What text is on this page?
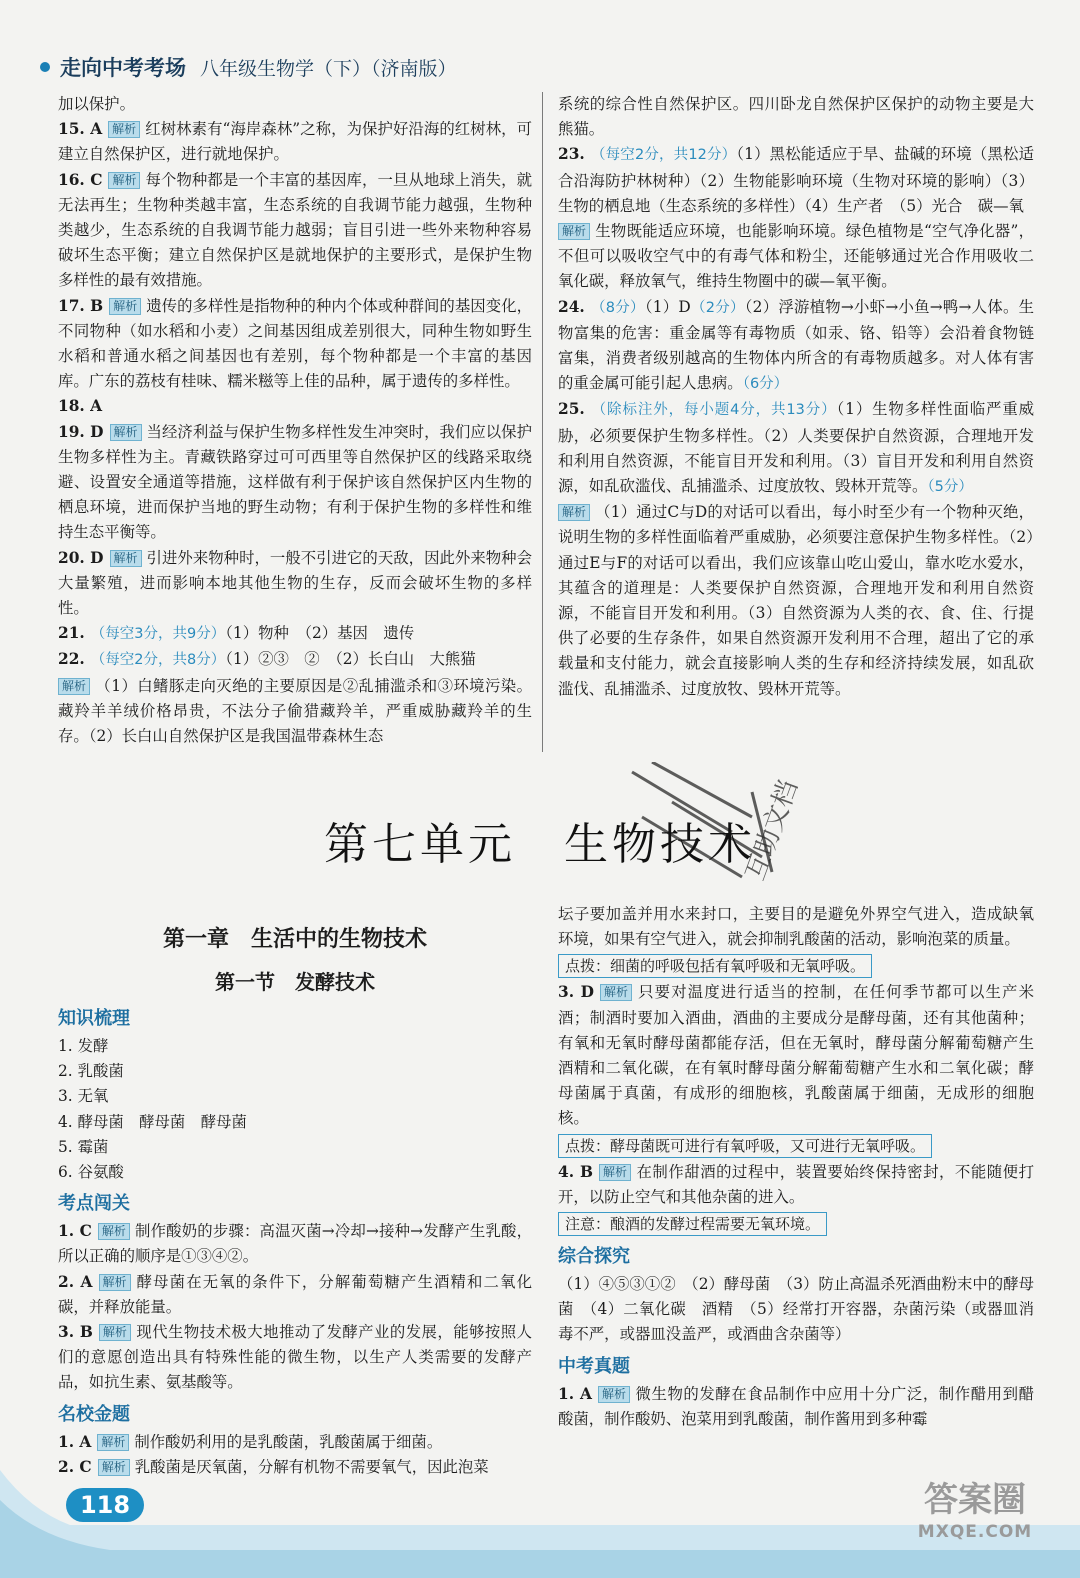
走向中考考场 八年级生物学（下）（济南版）

加以保护。

15. A 解析 红树林素有“海岸森林”之称，为保护好沿海的红树林，可建立自然保护区，进行就地保护。

16. C 解析 每个物种都是一个丰富的基因库，一旦从地球上消失，就无法再生；生物种类越丰富，生态系统的自我调节能力越强，生物种类越少，生态系统的自我调节能力越弱；盲目引进一些外来物种容易破坏生态平衡；建立自然保护区是就地保护的主要形式，是保护生物多样性的最有效措施。

17. B 解析 遗传的多样性是指物种的种内个体或种群间的基因变化，不同物种（如水稻和小麦）之间基因组成差别很大，同种生物如野生水稻和普通水稻之间基因也有差别，每个物种都是一个丰富的基因库。广东的荔枝有桂味、糯米糍等上佳的品种，属于遗传的多样性。

18. A

19. D 解析 当经济利益与保护生物多样性发生冲突时，我们应以保护生物多样性为主。青藏铁路穿过可可西里等自然保护区的线路采取绕避、设置安全通道等措施，这样做有利于保护该自然保护区内生物的栖息环境，进而保护当地的野生动物；有利于保护生物的多样性和维持生态平衡等。

20. D 解析 引进外来物种时，一般不引进它的天敌，因此外来物种会大量繁殖，进而影响本地其他生物的生存，反而会破坏生物的多样性。

21. （每空3分，共9分）（1）物种　（2）基因　遗传

22. （每空2分，共8分）（1）②③　②　（2）长白山　大熊猫

解析 （1）白鳍豚走向灭绝的主要原因是②乱捕滥杀和③环境污染。藏羚羊羊绒价格昂贵，不法分子偷猎藏羚羊，严重威胁藏羚羊的生存。（2）长白山自然保护区是我国温带森林生态

系统的综合性自然保护区。四川卧龙自然保护区保护的动物主要是大熊猫。

23. （每空2分，共12分）（1）黑松能适应于旱、盐碱的环境（黑松适合沿海防护林树种）（2）生物能影响环境（生物对环境的影响）（3）生物的栖息地（生态系统的多样性）（4）生产者　（5）光合　碳—氧

解析 生物既能适应环境，也能影响环境。绿色植物是“空气净化器”，不但可以吸收空气中的有毒气体和粉尘，还能够通过光合作用吸收二氧化碳，释放氧气，维持生物圈中的碳—氧平衡。

24. （8分）（1）D（2分）（2）浮游植物→小虾→小鱼→鸭→人体。生物富集的危害：重金属等有毒物质（如汞、铬、铅等）会沿着食物链富集，消费者级别越高的生物体内所含的有毒物质越多。对人体有害的重金属可能引起人患病。（6分）

25. （除标注外，每小题4分，共13分）（1）生物多样性面临严重威胁，必须要保护生物多样性。（2）人类要保护自然资源，合理地开发和利用自然资源，不能盲目开发和利用。（3）盲目开发和利用自然资源，如乱砍滥伐、乱捕滥杀、过度放牧、毁林开荒等。（5分）

解析 （1）通过C与D的对话可以看出，每小时至少有一个物种灭绝，说明生物的多样性面临着严重威胁，必须要注意保护生物多样性。（2）通过E与F的对话可以看出，我们应该靠山吃山爱山，靠水吃水爱水，其蕴含的道理是：人类要保护自然资源，合理地开发和利用自然资源，不能盲目开发和利用。（3）自然资源为人类的衣、食、住、行提供了必要的生存条件，如果自然资源开发利用不合理，超出了它的承载量和支付能力，就会直接影响人类的生存和经济持续发展，如乱砍滥伐、乱捕滥杀、过度放牧、毁林开荒等。

互助文档
第七单元　生物技术
第一章　生活中的生物技术
第一节　发酵技术
知识梳理

1. 发酵

2. 乳酸菌

3. 无氧

4. 酵母菌　酵母菌　酵母菌

5. 霉菌

6. 谷氨酸

考点闯关

1. C 解析 制作酸奶的步骤：高温灭菌→冷却→接种→发酵产生乳酸，所以正确的顺序是①③④②。

2. A 解析 酵母菌在无氧的条件下，分解葡萄糖产生酒精和二氧化碳，并释放能量。

3. B 解析 现代生物技术极大地推动了发酵产业的发展，能够按照人们的意愿创造出具有特殊性能的微生物，以生产人类需要的发酵产品，如抗生素、氨基酸等。

名校金题

1. A 解析 制作酸奶利用的是乳酸菌，乳酸菌属于细菌。

2. C 解析 乳酸菌是厌氧菌，分解有机物不需要氧气，因此泡菜

坛子要加盖并用水来封口，主要目的是避免外界空气进入，造成缺氧环境，如果有空气进入，就会抑制乳酸菌的活动，影响泡菜的质量。

点拨：细菌的呼吸包括有氧呼吸和无氧呼吸。

3. D 解析 只要对温度进行适当的控制，在任何季节都可以生产米酒；制酒时要加入酒曲，酒曲的主要成分是酵母菌，还有其他菌种；有氧和无氧时酵母菌都能存活，但在无氧时，酵母菌分解葡萄糖产生酒精和二氧化碳，在有氧时酵母菌分解葡萄糖产生水和二氧化碳；酵母菌属于真菌，有成形的细胞核，乳酸菌属于细菌，无成形的细胞核。

点拨：酵母菌既可进行有氧呼吸，又可进行无氧呼吸。

4. B 解析 在制作甜酒的过程中，装置要始终保持密封，不能随便打开，以防止空气和其他杂菌的进入。

注意：酿酒的发酵过程需要无氧环境。
综合探究

（1）④⑤③①②　（2）酵母菌　（3）防止高温杀死酒曲粉末中的酵母菌　（4）二氧化碳　酒精　（5）经常打开容器，杂菌污染（或器皿消毒不严，或器皿没盖严，或酒曲含杂菌等）

中考真题

1. A 解析 微生物的发酵在食品制作中应用十分广泛，制作醋用到醋酸菌，制作酸奶、泡菜用到乳酸菌，制作酱用到多种霉

118	答案圈
MXQE.COM
